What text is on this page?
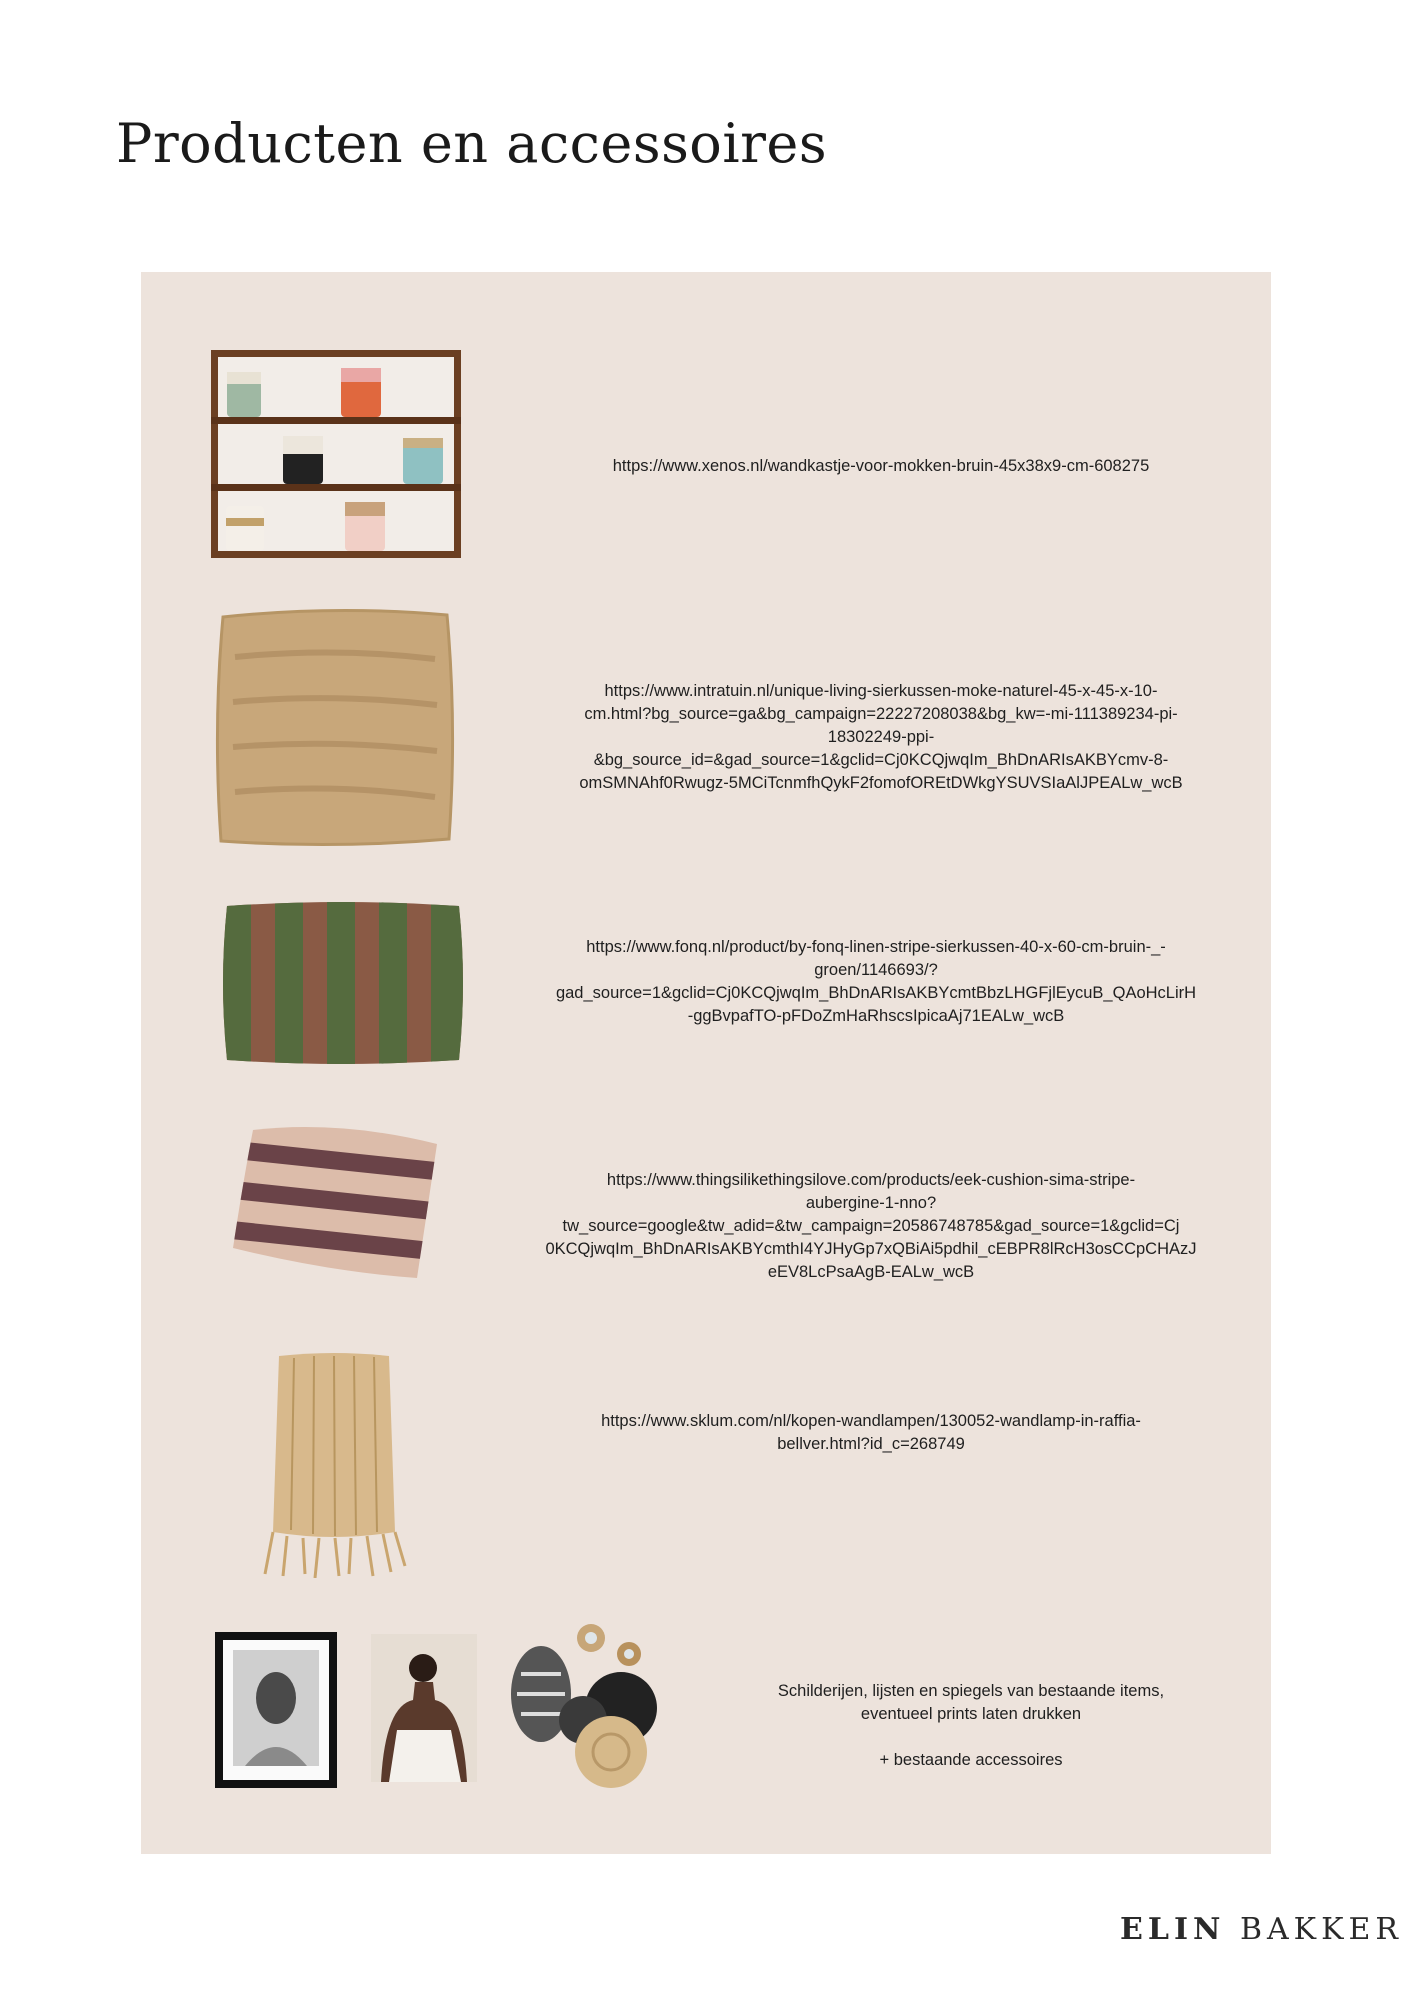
Producten en accessoires
https://www.xenos.nl/wandkastje-voor-mokken-bruin-45x38x9-cm-608275
https://www.intratuin.nl/unique-living-sierkussen-moke-naturel-45-x-45-x-10-
cm.html?bg_source=ga&bg_campaign=22227208038&bg_kw=-mi-111389234-pi-
18302249-ppi-
&bg_source_id=&gad_source=1&gclid=Cj0KCQjwqIm_BhDnARIsAKBYcmv-8-
omSMNAhf0Rwugz-5MCiTcnmfhQykF2fomofOREtDWkgYSUVSIaAlJPEALw_wcB
https://www.fonq.nl/product/by-fonq-linen-stripe-sierkussen-40-x-60-cm-bruin-_-
groen/1146693/?
gad_source=1&gclid=Cj0KCQjwqIm_BhDnARIsAKBYcmtBbzLHGFjlEycuB_QAoHcLirH
-ggBvpafTO-pFDoZmHaRhscsIpicaAj71EALw_wcB
https://www.thingsilikethingsilove.com/products/eek-cushion-sima-stripe-
aubergine-1-nno?
tw_source=google&tw_adid=&tw_campaign=20586748785&gad_source=1&gclid=Cj
0KCQjwqIm_BhDnARIsAKBYcmthI4YJHyGp7xQBiAi5pdhil_cEBPR8lRcH3osCCpCHAzJ
eEV8LcPsaAgB-EALw_wcB
https://www.sklum.com/nl/kopen-wandlampen/130052-wandlamp-in-raffia-
bellver.html?id_c=268749
Schilderijen, lijsten en spiegels van bestaande items,
eventueel prints laten drukken

+ bestaande accessoires
ELIN BAKKER
